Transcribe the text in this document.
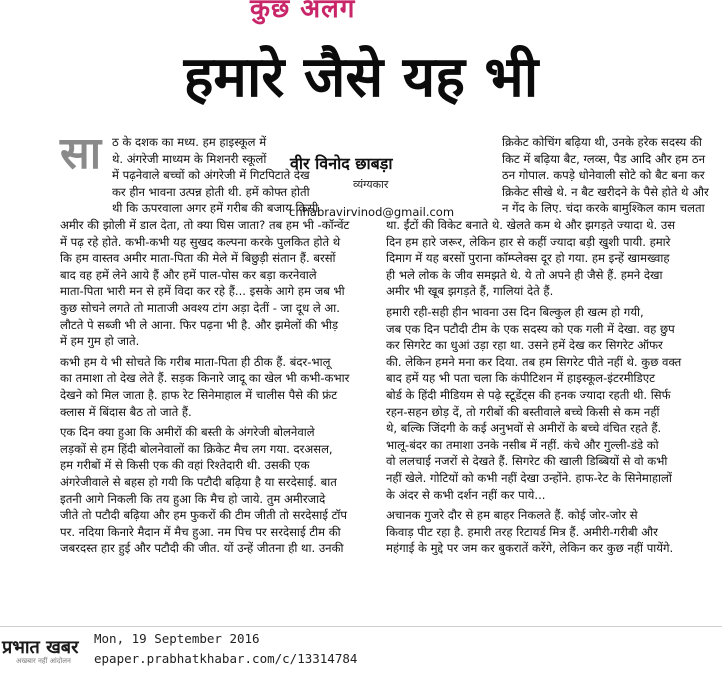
कुछ अलग
हमारे जैसे यह भी
सा ठ के दशक का मध्य. हम हाइस्कूल में
थे. अंगरेजी माध्यम के मिशनरी स्कूलों
में पढ़नेवाले बच्चों को अंगरेजी में गिटपिटाते देख
कर हीन भावना उत्पन्न होती थी. हमें कोफ्त होती
थी कि ऊपरवाला अगर हमें गरीब की बजाय किसी
अमीर की झोली में डाल देता, तो क्या घिस जाता? तब हम भी -कॉन्वेंट
में पढ़ रहे होते. कभी-कभी यह सुखद कल्पना करके पुलकित होते थे
कि हम वास्तव अमीर माता-पिता की मेले में बिछुड़ी संतान हैं. बरसों
बाद वह हमें लेने आये हैं और हमें पाल-पोस कर बड़ा करनेवाले
माता-पिता भारी मन से हमें विदा कर रहे हैं... इसके आगे हम जब भी
कुछ सोचने लगते तो माताजी अवश्य टांग अड़ा देतीं - जा दूध ले आ.
लौटते पे सब्जी भी ले आना. फिर पढ़ना भी है. और झमेलों की भीड़
में हम गुम हो जाते.

कभी हम ये भी सोचते कि गरीब माता-पिता ही ठीक हैं. बंदर-भालू
का तमाशा तो देख लेते हैं. सड़क किनारे जादू का खेल भी कभी-कभार
देखने को मिल जाता है. हाफ रेट सिनेमाहाल में चालीस पैसे की फ्रंट
क्लास में बिंदास बैठ तो जाते हैं.

एक दिन क्या हुआ कि अमीरों की बस्ती के अंगरेजी बोलनेवाले
लड़कों से हम हिंदी बोलनेवालों का क्रिकेट मैच लग गया. दरअसल,
हम गरीबों में से किसी एक की वहां रिश्तेदारी थी. उसकी एक
अंगरेजीवाले से बहस हो गयी कि पटौदी बढ़िया है या सरदेसाई. बात
इतनी आगे निकली कि तय हुआ कि मैच हो जाये. तुम अमीरजादे
जीते तो पटौदी बढ़िया और हम फुकरों की टीम जीती तो सरदेसाई टॉप
पर. नदिया किनारे मैदान में मैच हुआ. नम पिच पर सरदेसाई टीम की
जबरदस्त हार हुई और पटौदी की जीत. यों उन्हें जीतना ही था. उनकी
वीर विनोद छाबड़ा
व्यंग्यकार
chhabravirvinod@gmail.com
क्रिकेट कोचिंग बढ़िया थी, उनके हरेक सदस्य की
किट में बढ़िया बैट, ग्लव्स, पैड आदि और हम ठन
ठन गोपाल. कपड़े धोनेवाली सोटे को बैट बना कर
क्रिकेट सीखे थे. न बैट खरीदने के पैसे होते थे और
न गेंद के लिए. चंदा करके बामुश्किल काम चलता
था. ईंटों की विकेट बनाते थे. खेलते कम थे और झगड़ते ज्यादा थे. उस
दिन हम हारे जरूर, लेकिन हार से कहीं ज्यादा बड़ी खुशी पायी. हमारे
दिमाग में यह बरसों पुराना कॉम्प्लेक्स दूर हो गया. हम इन्हें खामख्वाह
ही भले लोक के जीव समझते थे. ये तो अपने ही जैसे हैं. हमने देखा
अमीर भी खूब झगड़ते हैं, गालियां देते हैं.

हमारी रही-सही हीन भावना उस दिन बिल्कुल ही खत्म हो गयी,
जब एक दिन पटौदी टीम के एक सदस्य को एक गली में देखा. वह छुप
कर सिगरेट का धुआं उड़ा रहा था. उसने हमें देख कर सिगरेट ऑफर
की. लेकिन हमने मना कर दिया. तब हम सिगरेट पीते नहीं थे. कुछ वक्त
बाद हमें यह भी पता चला कि कंपीटिशन में हाइस्कूल-इंटरमीडिएट
बोर्ड के हिंदी मीडियम से पढ़े स्टूडेंट्स की हनक ज्यादा रहती थी. सिर्फ
रहन-सहन छोड़ दें, तो गरीबों की बस्तीवाले बच्चे किसी से कम नहीं
थे, बल्कि जिंदगी के कई अनुभवों से अमीरों के बच्चे वंचित रहते हैं.
भालू-बंदर का तमाशा उनके नसीब में नहीं. कंचे और गुल्ली-डंडे को
वो ललचाई नजरों से देखते हैं. सिगरेट की खाली डिब्बियों से वो कभी
नहीं खेले. गोटियों को कभी नहीं देखा उन्होंने. हाफ-रेट के सिनेमाहालों
के अंदर से कभी दर्शन नहीं कर पाये...

अचानक गुजरे दौर से हम बाहर निकलते हैं. कोई जोर-जोर से
किवाड़ पीट रहा है. हमारी तरह रिटायर्ड मित्र हैं. अमीरी-गरीबी और
महंगाई के मुद्दे पर जम कर बुकरातें करेंगे, लेकिन कर कुछ नहीं पायेंगे.
प्रभात खबर
अखबार नहीं आंदोलन
Mon, 19 September 2016
epaper.prabhatkhabar.com/c/13314784
